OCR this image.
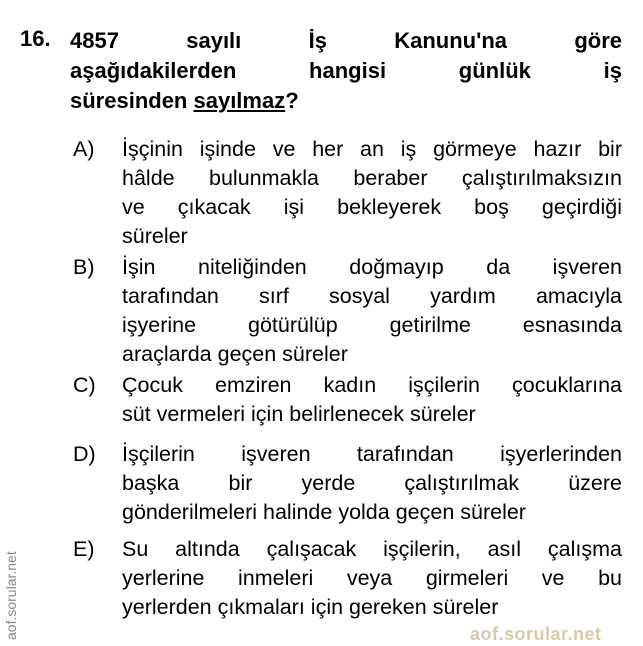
16. 4857 sayılı İş Kanunu'na göre
aşağıdakilerden hangisi günlük iş
süresinden sayılmaz?
A) İşçinin işinde ve her an iş görmeye hazır bir
hâlde bulunmakla beraber çalıştırılmaksızın
ve çıkacak işi bekleyerek boş geçirdiği
süreler
B) İşin niteliğinden doğmayıp da işveren
tarafından sırf sosyal yardım amacıyla
işyerine götürülüp getirilme esnasında
araçlarda geçen süreler
C) Çocuk emziren kadın işçilerin çocuklarına
süt vermeleri için belirlenecek süreler
D) İşçilerin işveren tarafından işyerlerinden
başka bir yerde çalıştırılmak üzere
gönderilmeleri halinde yolda geçen süreler
E) Su altında çalışacak işçilerin, asıl çalışma
yerlerine inmeleri veya girmeleri ve bu
yerlerden çıkmaları için gereken süreler
aof.sorular.net
aof.sorular.net
